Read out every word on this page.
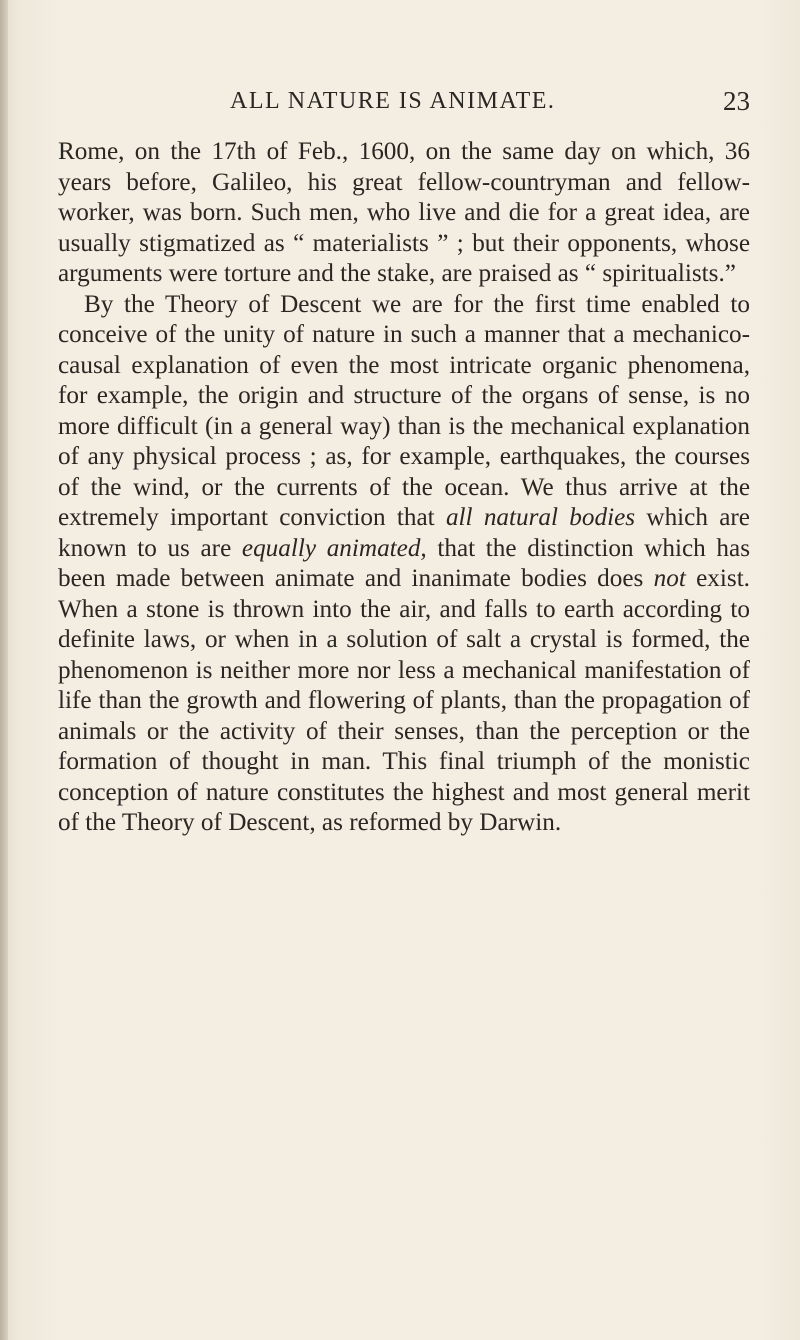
ALL NATURE IS ANIMATE.	23

Rome, on the 17th of Feb., 1600, on the same day on which, 36 years before, Galileo, his great fellow-countryman and fellow-worker, was born. Such men, who live and die for a great idea, are usually stigmatized as “ materialists ” ; but their opponents, whose arguments were torture and the stake, are praised as “ spiritualists.”

By the Theory of Descent we are for the first time enabled to conceive of the unity of nature in such a manner that a mechanico-causal explanation of even the most intricate organic phenomena, for example, the origin and structure of the organs of sense, is no more difficult (in a general way) than is the mechanical explanation of any physical process ; as, for example, earthquakes, the courses of the wind, or the currents of the ocean. We thus arrive at the extremely important conviction that all natural bodies which are known to us are equally animated, that the distinction which has been made between animate and inanimate bodies does not exist. When a stone is thrown into the air, and falls to earth according to definite laws, or when in a solution of salt a crystal is formed, the phenomenon is neither more nor less a mechanical manifestation of life than the growth and flowering of plants, than the propagation of animals or the activity of their senses, than the perception or the formation of thought in man. This final triumph of the monistic conception of nature constitutes the highest and most general merit of the Theory of Descent, as reformed by Darwin.
